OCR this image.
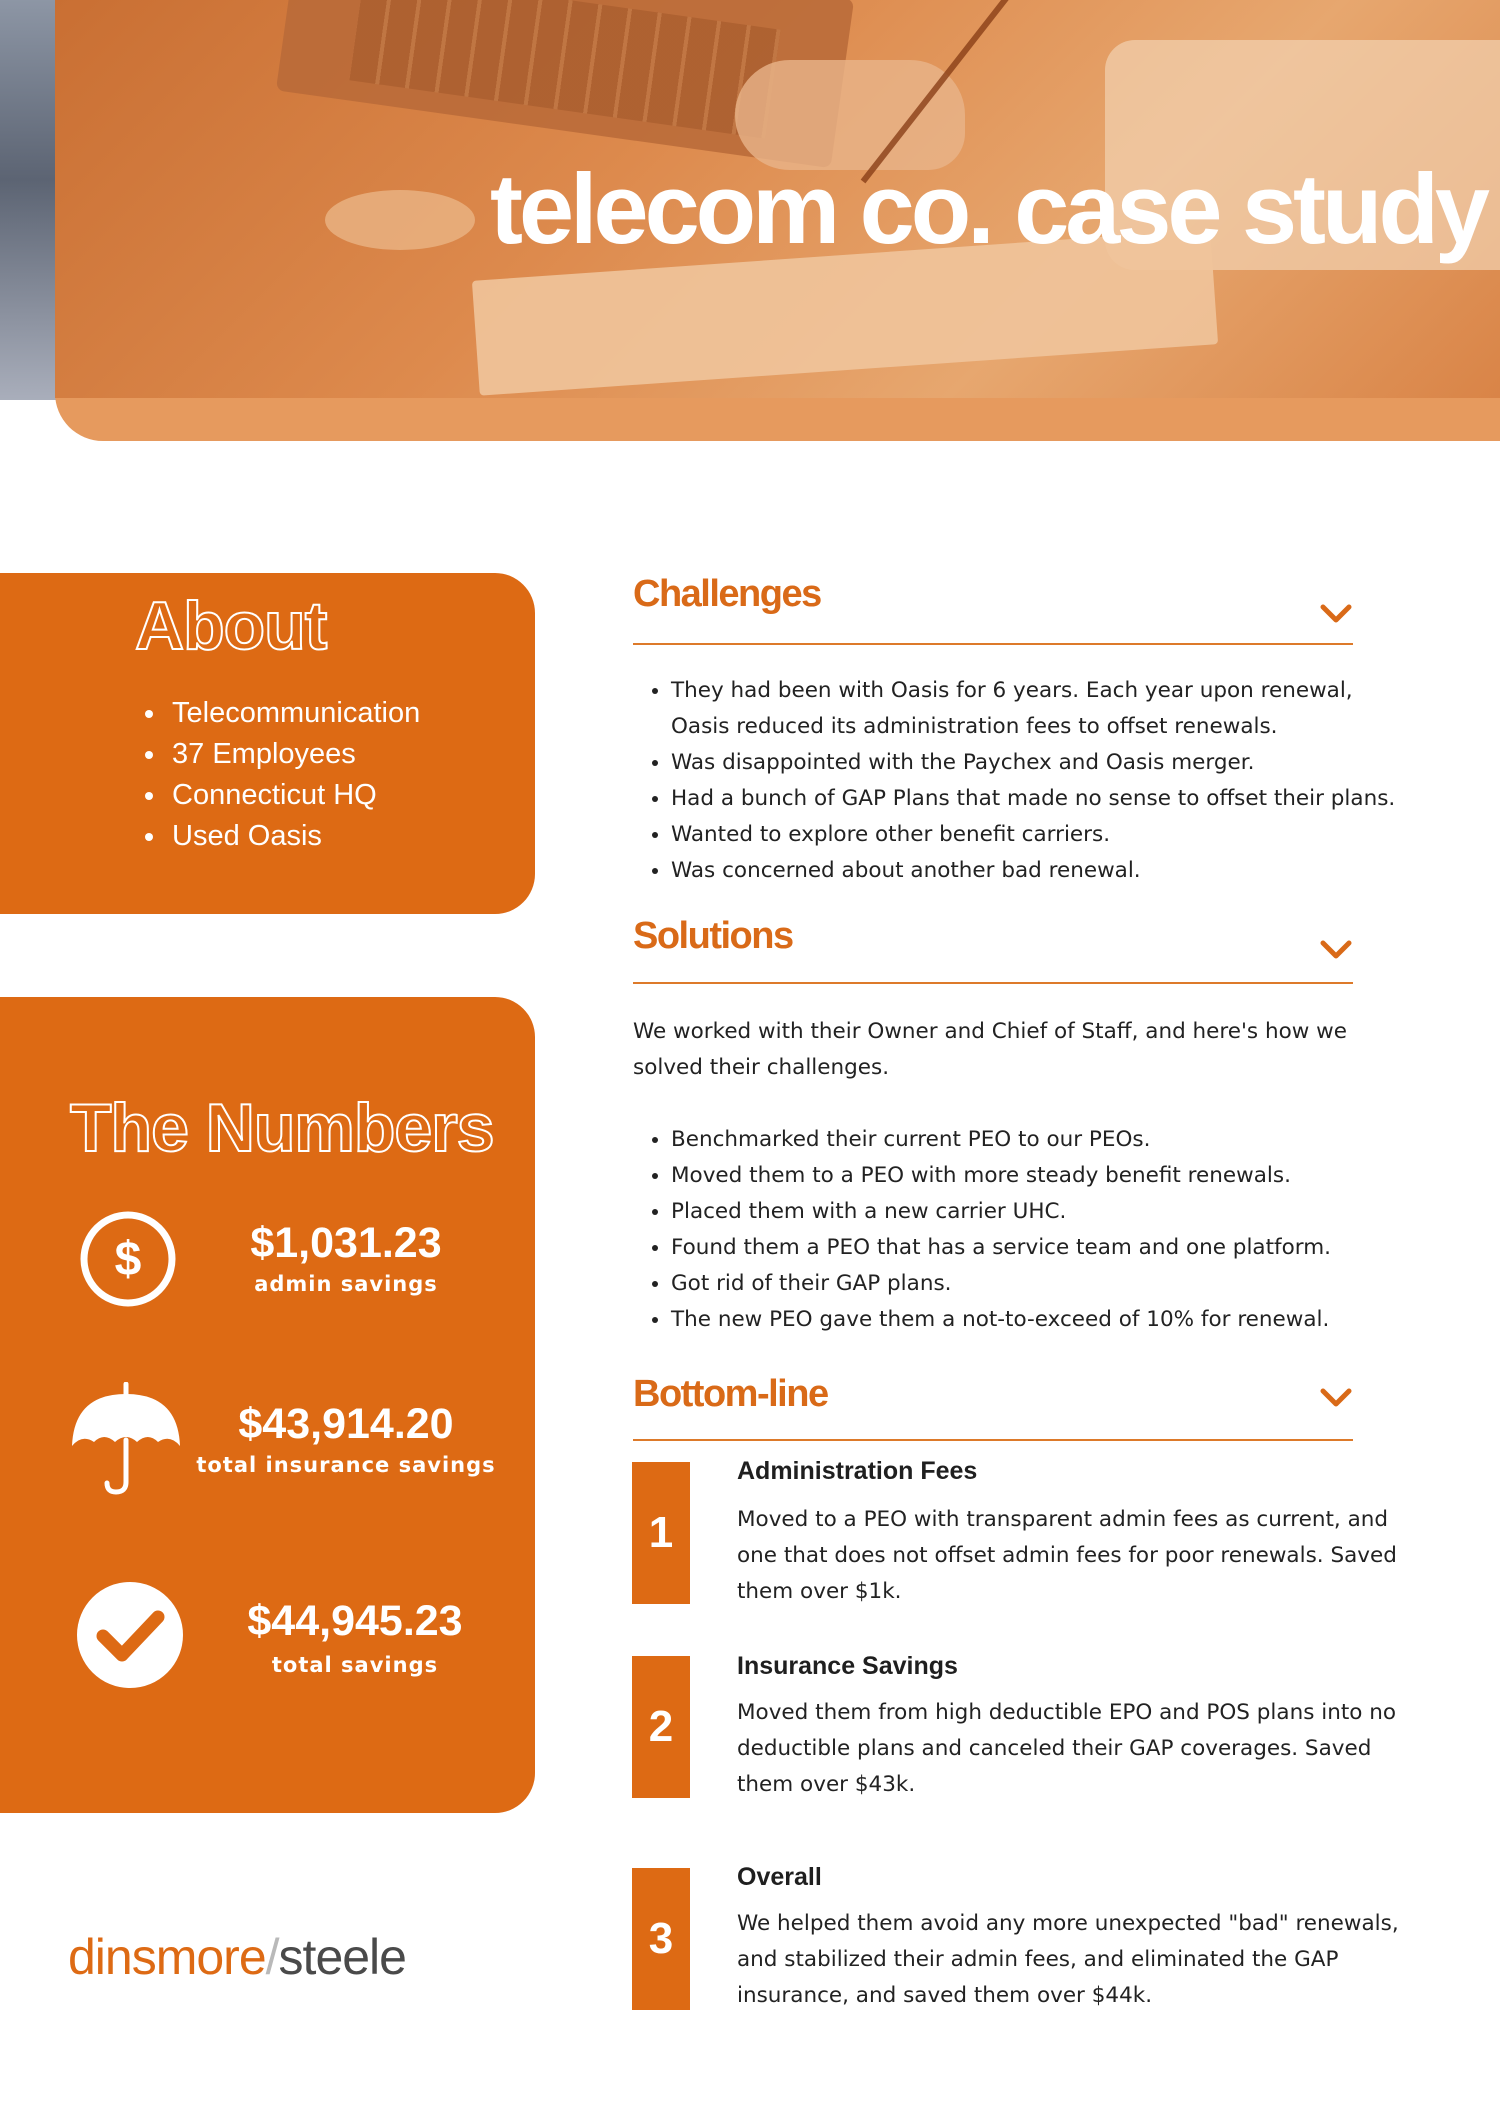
telecom co. case study
About
• Telecommunication
• 37 Employees
• Connecticut HQ
• Used Oasis
The Numbers
$	$1,031.23
admin savings
$43,914.20
total insurance savings
$44,945.23
total savings
dinsmore/steele
Challenges
• They had been with Oasis for 6 years. Each year upon renewal, Oasis reduced its administration fees to offset renewals.
• Was disappointed with the Paychex and Oasis merger.
• Had a bunch of GAP Plans that made no sense to offset their plans.
• Wanted to explore other benefit carriers.
• Was concerned about another bad renewal.
Solutions

We worked with their Owner and Chief of Staff, and here's how we solved their challenges.

• Benchmarked their current PEO to our PEOs.
• Moved them to a PEO with more steady benefit renewals.
• Placed them with a new carrier UHC.
• Found them a PEO that has a service team and one platform.
• Got rid of their GAP plans.
• The new PEO gave them a not-to-exceed of 10% for renewal.
Bottom-line
1
Administration Fees

Moved to a PEO with transparent admin fees as current, and one that does not offset admin fees for poor renewals. Saved them over $1k.

2
Insurance Savings

Moved them from high deductible EPO and POS plans into no deductible plans and canceled their GAP coverages. Saved them over $43k.

3
Overall

We helped them avoid any more unexpected "bad" renewals, and stabilized their admin fees, and eliminated the GAP insurance, and saved them over $44k.
